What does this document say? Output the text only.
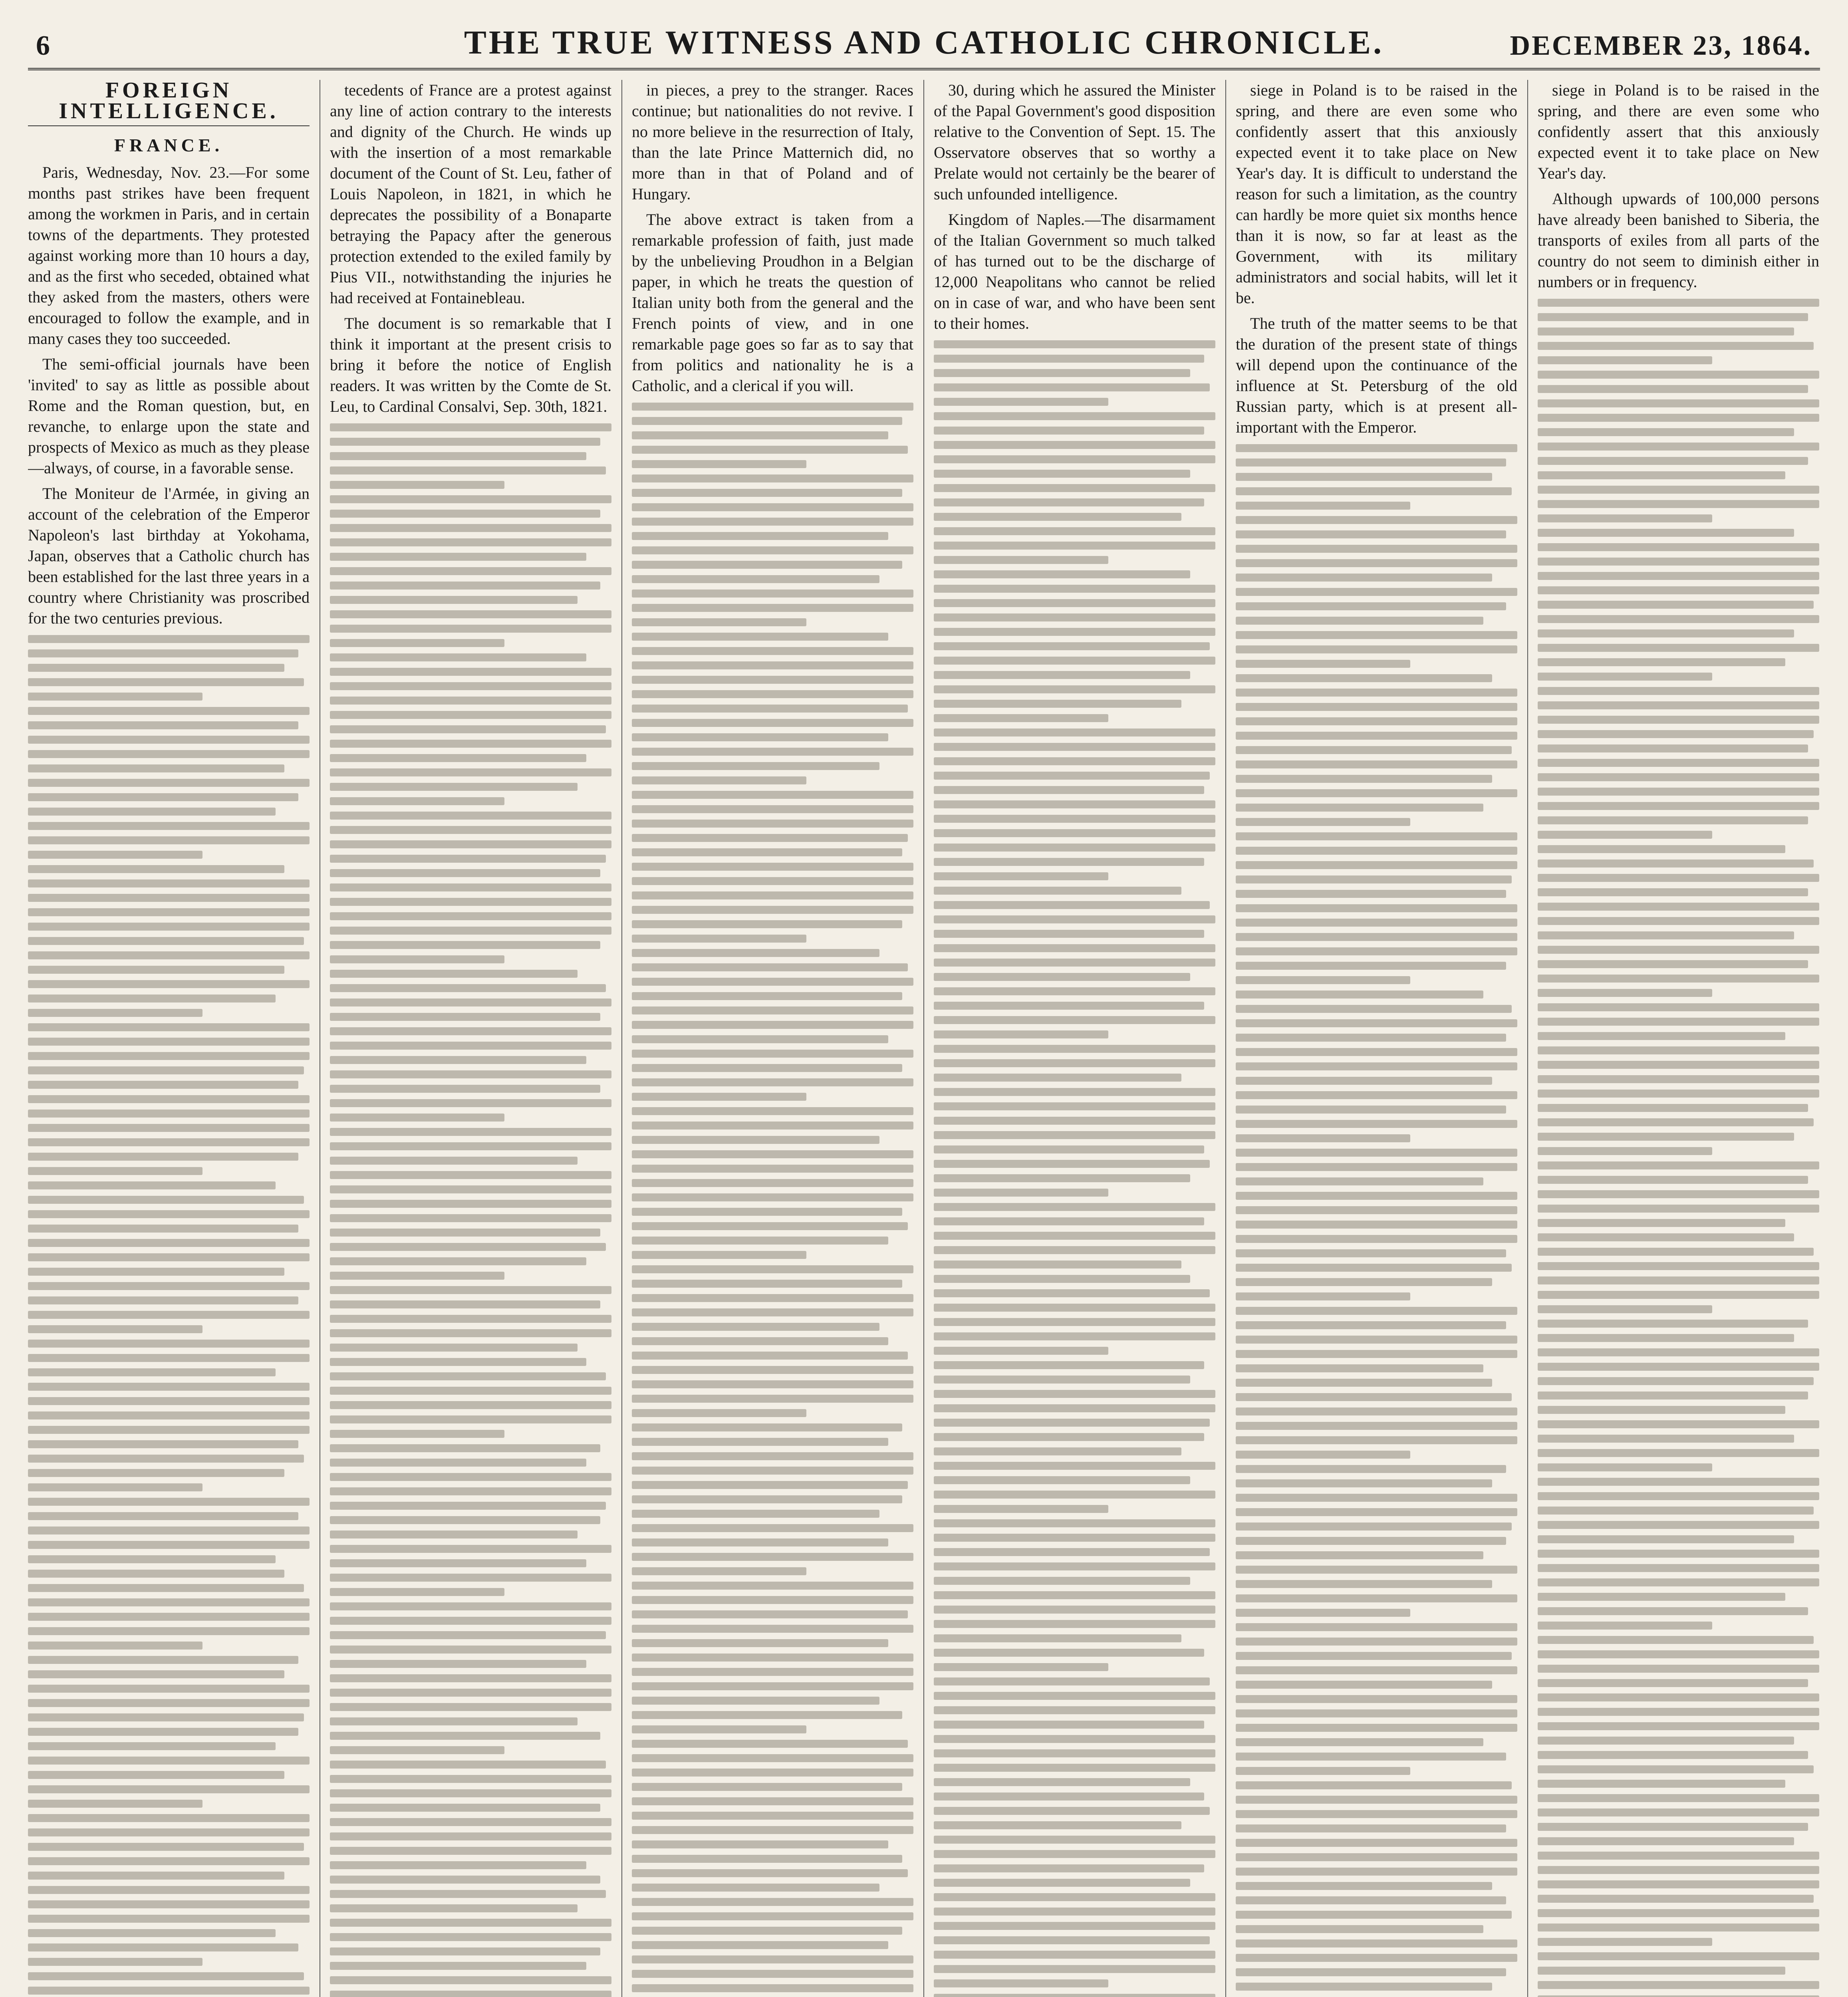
6	THE TRUE WITNESS AND CATHOLIC CHRONICLE.	DECEMBER 23, 1864.
FOREIGN INTELLIGENCE.
FRANCE.

Paris, Wednesday, Nov. 23.—For some months past strikes have been frequent among the workmen in Paris, and in certain towns of the departments. They protested against working more than 10 hours a day, and as the first who seceded, obtained what they asked from the masters, others were encouraged to follow the example, and in many cases they too succeeded.

The semi-official journals have been 'invited' to say as little as possible about Rome and the Roman question, but, en revanche, to enlarge upon the state and prospects of Mexico as much as they please—always, of course, in a favorable sense.

The Moniteur de l'Armée, in giving an account of the celebration of the Emperor Napoleon's last birthday at Yokohama, Japan, observes that a Catholic church has been established for the last three years in a country where Christianity was proscribed for the two centuries previous.

tecedents of France are a protest against any line of action contrary to the interests and dignity of the Church. He winds up with the insertion of a most remarkable document of the Count of St. Leu, father of Louis Napoleon, in 1821, in which he deprecates the possibility of a Bonaparte betraying the Papacy after the generous protection extended to the exiled family by Pius VII., notwithstanding the injuries he had received at Fontainebleau.

The document is so remarkable that I think it important at the present crisis to bring it before the notice of English readers. It was written by the Comte de St. Leu, to Cardinal Consalvi, Sep. 30th, 1821.

in pieces, a prey to the stranger. Races continue; but nationalities do not revive. I no more believe in the resurrection of Italy, than the late Prince Matternich did, no more than in that of Poland and of Hungary.

The above extract is taken from a remarkable profession of faith, just made by the unbelieving Proudhon in a Belgian paper, in which he treats the question of Italian unity both from the general and the French points of view, and in one remarkable page goes so far as to say that from politics and nationality he is a Catholic, and a clerical if you will.

30, during which he assured the Minister of the Papal Government's good disposition relative to the Convention of Sept. 15. The Osservatore observes that so worthy a Prelate would not certainly be the bearer of such unfounded intelligence.

Kingdom of Naples.—The disarmament of the Italian Government so much talked of has turned out to be the discharge of 12,000 Neapolitans who cannot be relied on in case of war, and who have been sent to their homes.

siege in Poland is to be raised in the spring, and there are even some who confidently assert that this anxiously expected event it to take place on New Year's day. It is difficult to understand the reason for such a limitation, as the country can hardly be more quiet six months hence than it is now, so far at least as the Government, with its military administrators and social habits, will let it be.

The truth of the matter seems to be that the duration of the present state of things will depend upon the continuance of the influence at St. Petersburg of the old Russian party, which is at present all-important with the Emperor.

siege in Poland is to be raised in the spring, and there are even some who confidently assert that this anxiously expected event it to take place on New Year's day.

Although upwards of 100,000 persons have already been banished to Siberia, the transports of exiles from all parts of the country do not seem to diminish either in numbers or in frequency.
